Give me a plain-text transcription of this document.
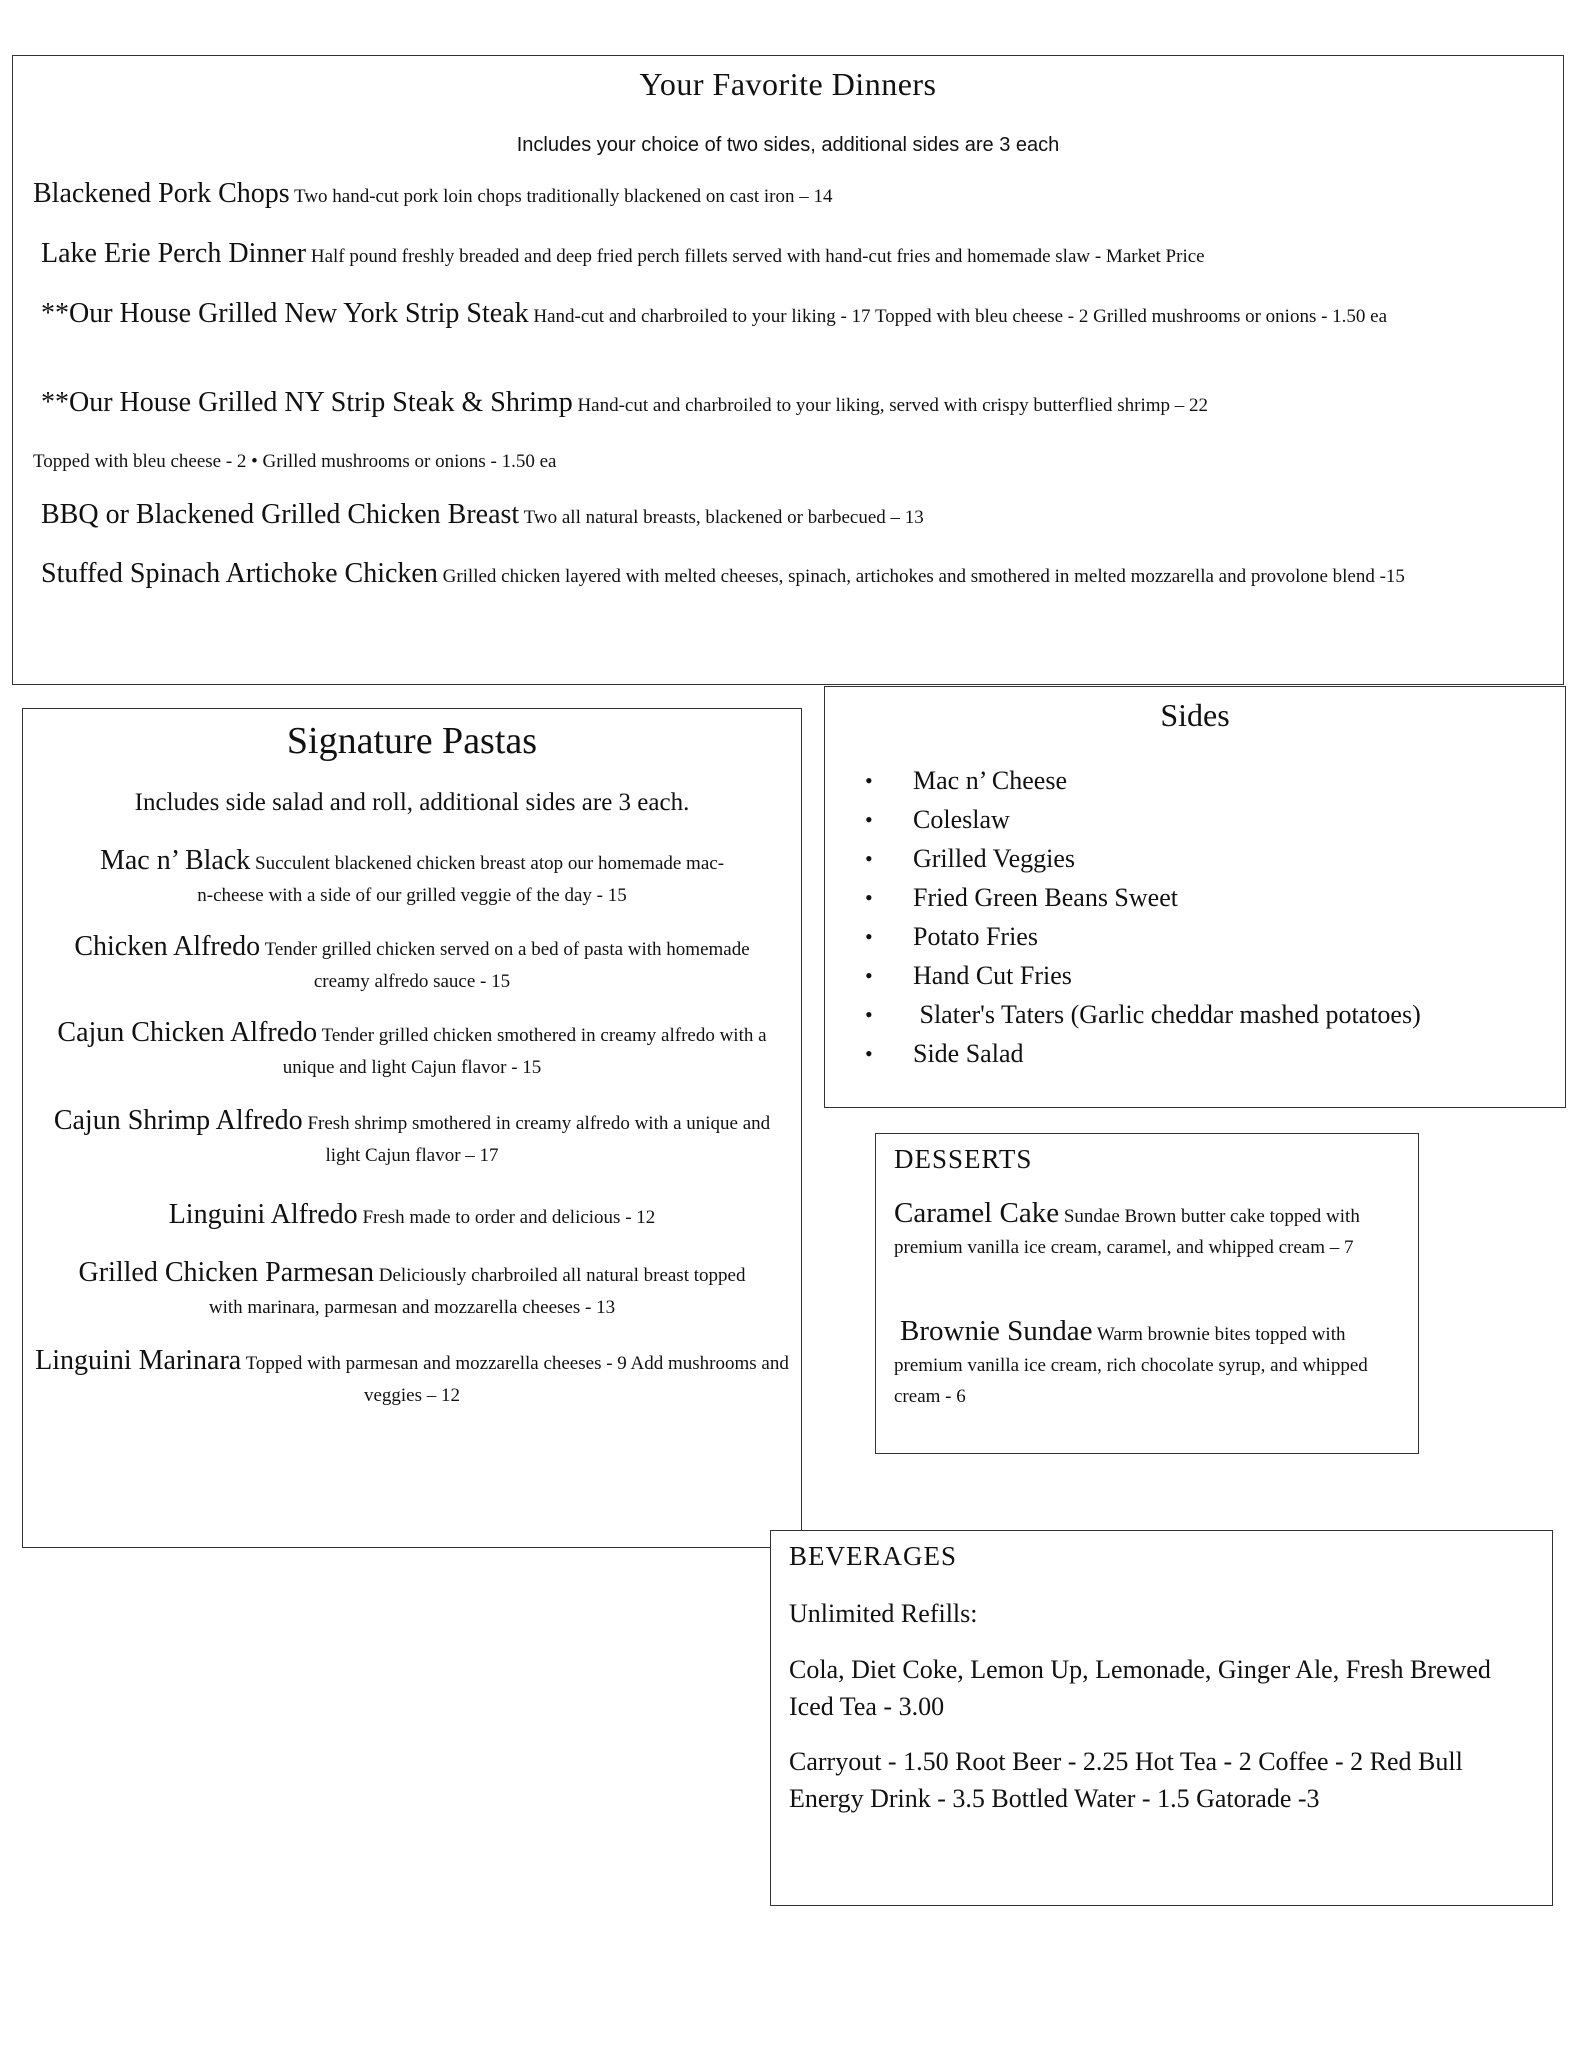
Your Favorite Dinners
Includes your choice of two sides, additional sides are 3 each
Blackened Pork Chops Two hand-cut pork loin chops traditionally blackened on cast iron – 14
Lake Erie Perch Dinner Half pound freshly breaded and deep fried perch fillets served with hand-cut fries and homemade slaw - Market Price
**Our House Grilled New York Strip Steak Hand-cut and charbroiled to your liking - 17 Topped with bleu cheese - 2 Grilled mushrooms or onions - 1.50 ea
**Our House Grilled NY Strip Steak & Shrimp Hand-cut and charbroiled to your liking, served with crispy butterflied shrimp – 22
Topped with bleu cheese - 2 • Grilled mushrooms or onions - 1.50 ea
BBQ or Blackened Grilled Chicken Breast Two all natural breasts, blackened or barbecued – 13
Stuffed Spinach Artichoke Chicken Grilled chicken layered with melted cheeses, spinach, artichokes and smothered in melted mozzarella and provolone blend -15
Signature Pastas
Includes side salad and roll, additional sides are 3 each.
Mac n’ Black Succulent blackened chicken breast atop our homemade mac-n-cheese with a side of our grilled veggie of the day - 15
Chicken Alfredo Tender grilled chicken served on a bed of pasta with homemade creamy alfredo sauce - 15
Cajun Chicken Alfredo Tender grilled chicken smothered in creamy alfredo with a unique and light Cajun flavor - 15
Cajun Shrimp Alfredo Fresh shrimp smothered in creamy alfredo with a unique and light Cajun flavor – 17
Linguini Alfredo Fresh made to order and delicious - 12
Grilled Chicken Parmesan Deliciously charbroiled all natural breast topped with marinara, parmesan and mozzarella cheeses - 13
Linguini Marinara Topped with parmesan and mozzarella cheeses - 9 Add mushrooms and veggies – 12
Sides
•	Mac n’ Cheese
•	Coleslaw
•	Grilled Veggies
•	Fried Green Beans Sweet
•	Potato Fries
•	Hand Cut Fries
•	Slater's Taters (Garlic cheddar mashed potatoes)
•	Side Salad
DESSERTS
Caramel Cake Sundae Brown butter cake topped with premium vanilla ice cream, caramel, and whipped cream – 7
Brownie Sundae Warm brownie bites topped with premium vanilla ice cream, rich chocolate syrup, and whipped cream - 6
BEVERAGES
Unlimited Refills:
Cola, Diet Coke, Lemon Up, Lemonade, Ginger Ale, Fresh Brewed Iced Tea - 3.00
Carryout - 1.50 Root Beer - 2.25 Hot Tea - 2 Coffee - 2 Red Bull Energy Drink - 3.5 Bottled Water - 1.5 Gatorade -3
